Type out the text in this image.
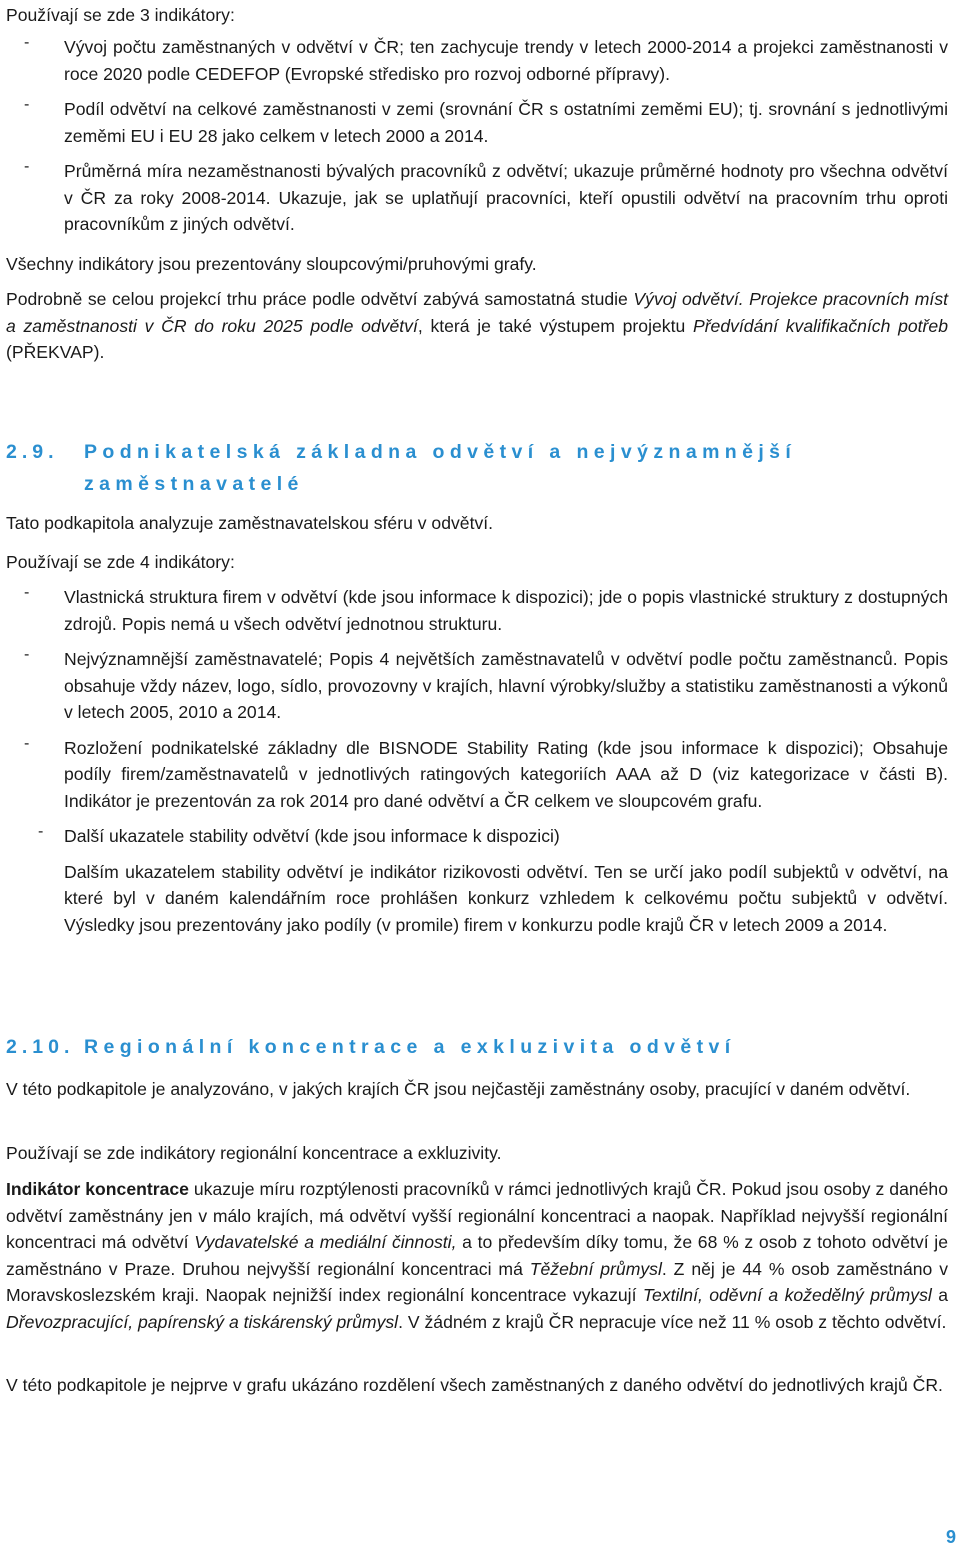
Používají se zde 3 indikátory:

- Vývoj počtu zaměstnaných v odvětví v ČR; ten zachycuje trendy v letech 2000-2014 a projekci zaměstnanosti v roce 2020 podle CEDEFOP (Evropské středisko pro rozvoj odborné přípravy).

- Podíl odvětví na celkové zaměstnanosti v zemi (srovnání ČR s ostatními zeměmi EU); tj. srovnání s jednotlivými zeměmi EU i EU 28 jako celkem v letech 2000 a 2014.

- Průměrná míra nezaměstnanosti bývalých pracovníků z odvětví; ukazuje průměrné hodnoty pro všechna odvětví v ČR za roky 2008-2014. Ukazuje, jak se uplatňují pracovníci, kteří opustili odvětví na pracovním trhu oproti pracovníkům z jiných odvětví.

Všechny indikátory jsou prezentovány sloupcovými/pruhovými grafy.

Podrobně se celou projekcí trhu práce podle odvětví zabývá samostatná studie Vývoj odvětví. Projekce pracovních míst a zaměstnanosti v ČR do roku 2025 podle odvětví, která je také výstupem projektu Předvídání kvalifikačních potřeb (PŘEKVAP).

2.9. Podnikatelská základna odvětví a nejvýznamnější
zaměstnavatelé

Tato podkapitola analyzuje zaměstnavatelskou sféru v odvětví.

Používají se zde 4 indikátory:

- Vlastnická struktura firem v odvětví (kde jsou informace k dispozici); jde o popis vlastnické struktury z dostupných zdrojů. Popis nemá u všech odvětví jednotnou strukturu.

- Nejvýznamnější zaměstnavatelé; Popis 4 největších zaměstnavatelů v odvětví podle počtu zaměstnanců. Popis obsahuje vždy název, logo, sídlo, provozovny v krajích, hlavní výrobky/služby a statistiku zaměstnanosti a výkonů v letech 2005, 2010 a 2014.

- Rozložení podnikatelské základny dle BISNODE Stability Rating (kde jsou informace k dispozici); Obsahuje podíly firem/zaměstnavatelů v jednotlivých ratingových kategoriích AAA až D (viz kategorizace v části B). Indikátor je prezentován za rok 2014 pro dané odvětví a ČR celkem ve sloupcovém grafu.

- Další ukazatele stability odvětví (kde jsou informace k dispozici)

Dalším ukazatelem stability odvětví je indikátor rizikovosti odvětví. Ten se určí jako podíl subjektů v odvětví, na které byl v daném kalendářním roce prohlášen konkurz vzhledem k celkovému počtu subjektů v odvětví. Výsledky jsou prezentovány jako podíly (v promile) firem v konkurzu podle krajů ČR v letech 2009 a 2014.

2.10. Regionální koncentrace a exkluzivita odvětví

V této podkapitole je analyzováno, v jakých krajích ČR jsou nejčastěji zaměstnány osoby, pracující v daném odvětví.

Používají se zde indikátory regionální koncentrace a exkluzivity.

Indikátor koncentrace ukazuje míru rozptýlenosti pracovníků v rámci jednotlivých krajů ČR. Pokud jsou osoby z daného odvětví zaměstnány jen v málo krajích, má odvětví vyšší regionální koncentraci a naopak. Například nejvyšší regionální koncentraci má odvětví Vydavatelské a mediální činnosti, a to především díky tomu, že 68 % z osob z tohoto odvětví je zaměstnáno v Praze. Druhou nejvyšší regionální koncentraci má Těžební průmysl. Z něj je 44 % osob zaměstnáno v Moravskoslezském kraji. Naopak nejnižší index regionální koncentrace vykazují Textilní, oděvní a kožedělný průmysl a Dřevozpracující, papírenský a tiskárenský průmysl. V žádném z krajů ČR nepracuje více než 11 % osob z těchto odvětví.

V této podkapitole je nejprve v grafu ukázáno rozdělení všech zaměstnaných z daného odvětví do jednotlivých krajů ČR.

9
